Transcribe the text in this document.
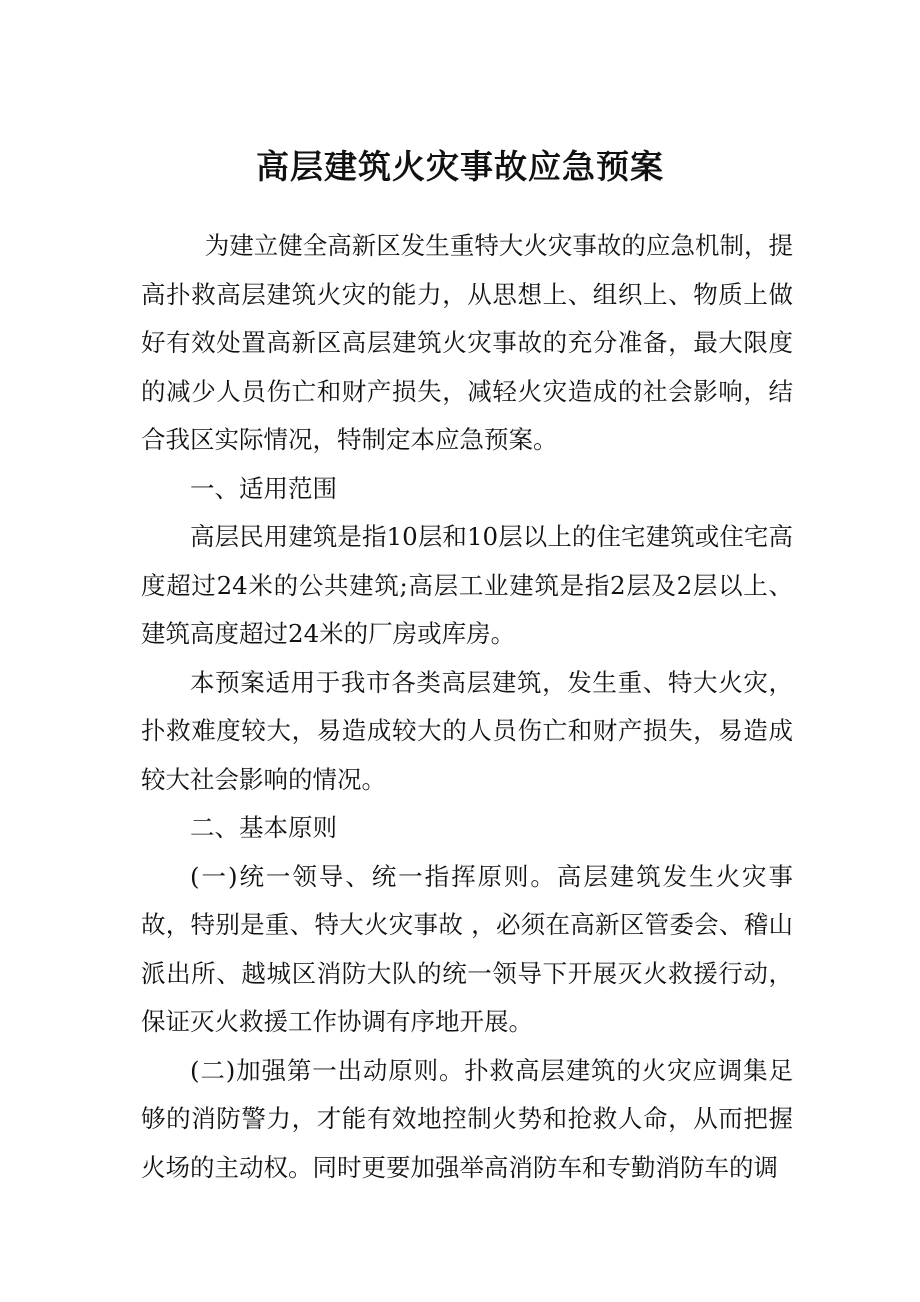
高层建筑火灾事故应急预案

为建立健全高新区发生重特大火灾事故的应急机制，提高扑救高层建筑火灾的能力，从思想上、组织上、物质上做好有效处置高新区高层建筑火灾事故的充分准备，最大限度的减少人员伤亡和财产损失，减轻火灾造成的社会影响，结合我区实际情况，特制定本应急预案。

一、适用范围

高层民用建筑是指10层和10层以上的住宅建筑或住宅高度超过24米的公共建筑;高层工业建筑是指2层及2层以上、建筑高度超过24米的厂房或库房。

本预案适用于我市各类高层建筑，发生重、特大火灾，扑救难度较大，易造成较大的人员伤亡和财产损失，易造成较大社会影响的情况。

二、基本原则

(一)统一领导、统一指挥原则。高层建筑发生火灾事故，特别是重、特大火灾事故 ，必须在高新区管委会、稽山派出所、越城区消防大队的统一领导下开展灭火救援行动，保证灭火救援工作协调有序地开展。

(二)加强第一出动原则。扑救高层建筑的火灾应调集足够的消防警力，才能有效地控制火势和抢救人命，从而把握火场的主动权。同时更要加强举高消防车和专勤消防车的调
